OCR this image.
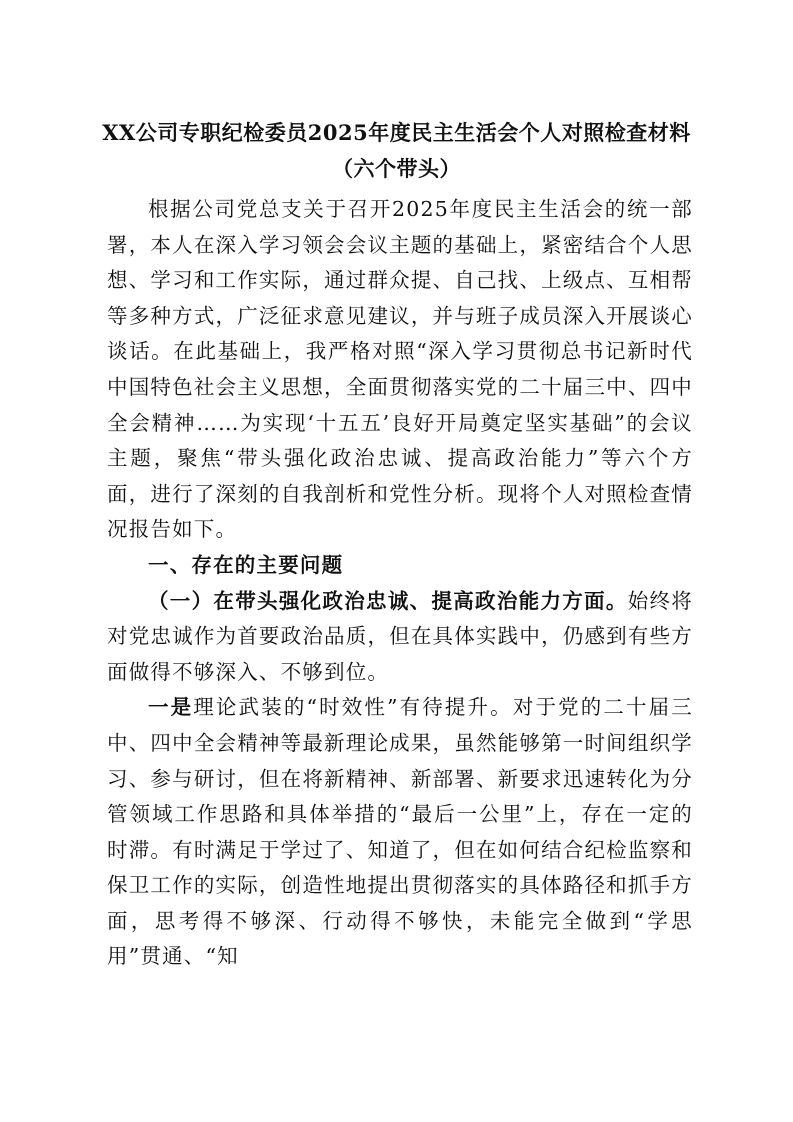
XX公司专职纪检委员2025年度民主生活会个人对照检查材料
（六个带头）

根据公司党总支关于召开2025年度民主生活会的统一部署，本人在深入学习领会会议主题的基础上，紧密结合个人思想、学习和工作实际，通过群众提、自己找、上级点、互相帮等多种方式，广泛征求意见建议，并与班子成员深入开展谈心谈话。在此基础上，我严格对照“深入学习贯彻总书记新时代中国特色社会主义思想，全面贯彻落实党的二十届三中、四中全会精神……为实现‘十五五’良好开局奠定坚实基础”的会议主题，聚焦“带头强化政治忠诚、提高政治能力”等六个方面，进行了深刻的自我剖析和党性分析。现将个人对照检查情况报告如下。

一、存在的主要问题

（一）在带头强化政治忠诚、提高政治能力方面。始终将对党忠诚作为首要政治品质，但在具体实践中，仍感到有些方面做得不够深入、不够到位。

一是理论武装的“时效性”有待提升。对于党的二十届三中、四中全会精神等最新理论成果，虽然能够第一时间组织学习、参与研讨，但在将新精神、新部署、新要求迅速转化为分管领域工作思路和具体举措的“最后一公里”上，存在一定的时滞。有时满足于学过了、知道了，但在如何结合纪检监察和保卫工作的实际，创造性地提出贯彻落实的具体路径和抓手方面，思考得不够深、行动得不够快，未能完全做到“学思用”贯通、“知
